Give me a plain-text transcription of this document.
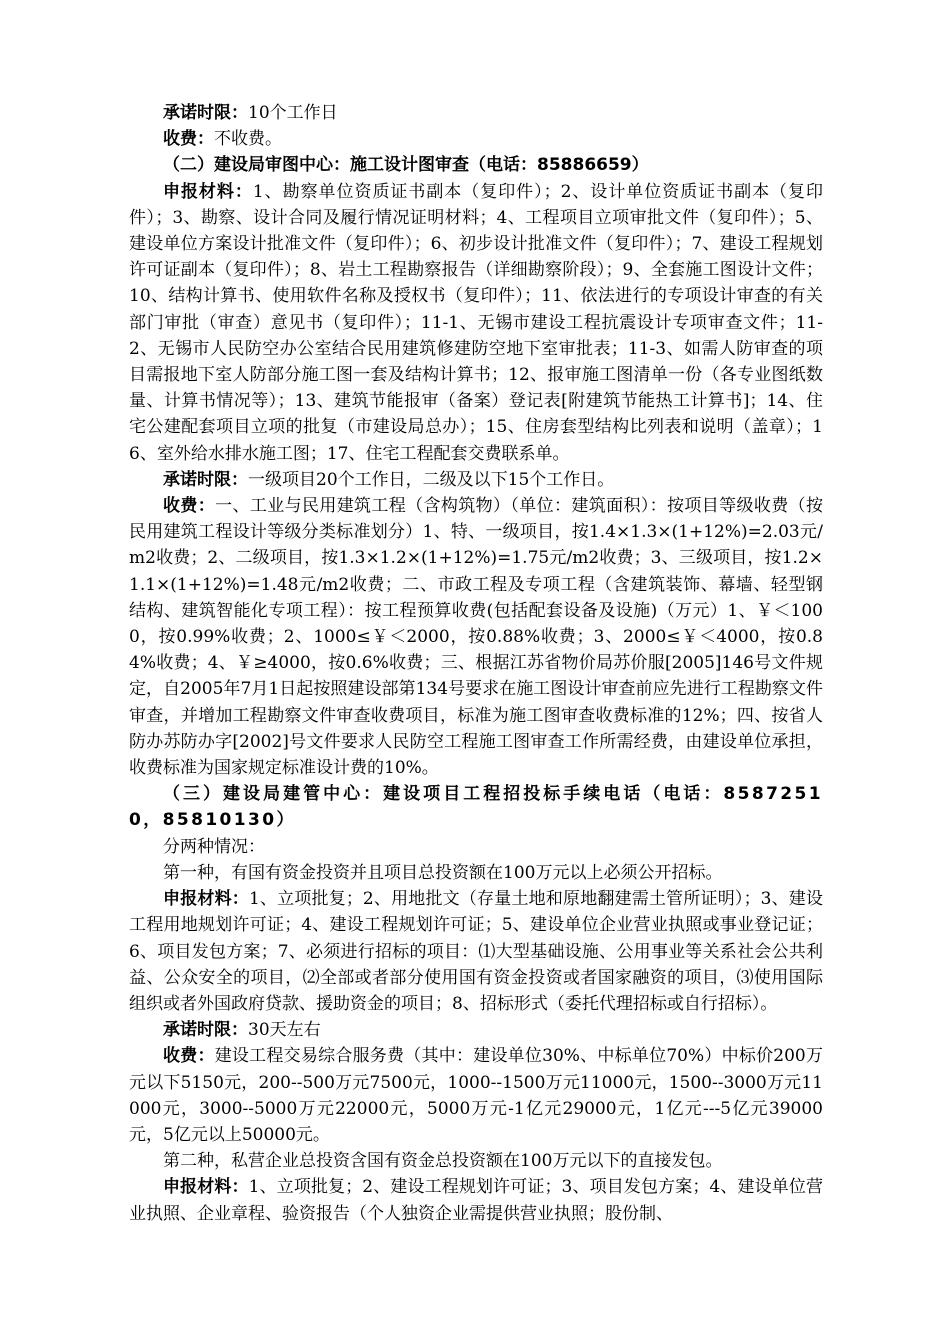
承诺时限：10个工作日

收费：不收费。

（二）建设局审图中心：施工设计图审查（电话：85886659）

申报材料：1、勘察单位资质证书副本（复印件）；2、设计单位资质证书副本（复印件）；3、勘察、设计合同及履行情况证明材料；4、工程项目立项审批文件（复印件）；5、建设单位方案设计批准文件（复印件）；6、初步设计批准文件（复印件）；7、建设工程规划许可证副本（复印件）；8、岩土工程勘察报告（详细勘察阶段）；9、全套施工图设计文件；10、结构计算书、使用软件名称及授权书（复印件）；11、依法进行的专项设计审查的有关部门审批（审查）意见书（复印件）；11-1、无锡市建设工程抗震设计专项审查文件；11-2、无锡市人民防空办公室结合民用建筑修建防空地下室审批表；11-3、如需人防审查的项目需报地下室人防部分施工图一套及结构计算书；12、报审施工图清单一份（各专业图纸数量、计算书情况等）；13、建筑节能报审（备案）登记表[附建筑节能热工计算书]；14、住宅公建配套项目立项的批复（市建设局总办）；15、住房套型结构比列表和说明（盖章）；16、室外给水排水施工图；17、住宅工程配套交费联系单。

承诺时限：一级项目20个工作日，二级及以下15个工作日。

收费：一、工业与民用建筑工程（含构筑物）（单位：建筑面积）：按项目等级收费（按民用建筑工程设计等级分类标准划分）1、特、一级项目，按1.4×1.3×(1+12%)=2.03元/m2收费；2、二级项目，按1.3×1.2×(1+12%)=1.75元/m2收费；3、三级项目，按1.2×1.1×(1+12%)=1.48元/m2收费；二、市政工程及专项工程（含建筑装饰、幕墙、轻型钢结构、建筑智能化专项工程）：按工程预算收费(包括配套设备及设施)（万元）1、￥＜1000，按0.99%收费；2、1000≤￥＜2000，按0.88%收费；3、2000≤￥＜4000，按0.84%收费；4、￥≥4000，按0.6%收费；三、根据江苏省物价局苏价服[2005]146号文件规定，自2005年7月1日起按照建设部第134号要求在施工图设计审查前应先进行工程勘察文件审查，并增加工程勘察文件审查收费项目，标准为施工图审查收费标准的12%；四、按省人防办苏防办字[2002]号文件要求人民防空工程施工图审查工作所需经费，由建设单位承担，收费标准为国家规定标准设计费的10%。

（三）建设局建管中心：建设项目工程招投标手续电话（电话：85872510，85810130）

分两种情况：

第一种，有国有资金投资并且项目总投资额在100万元以上必须公开招标。

申报材料：1、立项批复；2、用地批文（存量土地和原地翻建需土管所证明）；3、建设工程用地规划许可证；4、建设工程规划许可证；5、建设单位企业营业执照或事业登记证；6、项目发包方案；7、必须进行招标的项目：⑴大型基础设施、公用事业等关系社会公共利益、公众安全的项目，⑵全部或者部分使用国有资金投资或者国家融资的项目，⑶使用国际组织或者外国政府贷款、援助资金的项目；8、招标形式（委托代理招标或自行招标）。

承诺时限：30天左右

收费：建设工程交易综合服务费（其中：建设单位30%、中标单位70%）中标价200万元以下5150元，200--500万元7500元，1000--1500万元11000元，1500--3000万元11000元，3000--5000万元22000元，5000万元-1亿元29000元，1亿元---5亿元39000元，5亿元以上50000元。

第二种，私营企业总投资含国有资金总投资额在100万元以下的直接发包。

申报材料：1、立项批复；2、建设工程规划许可证；3、项目发包方案；4、建设单位营业执照、企业章程、验资报告（个人独资企业需提供营业执照；股份制、
